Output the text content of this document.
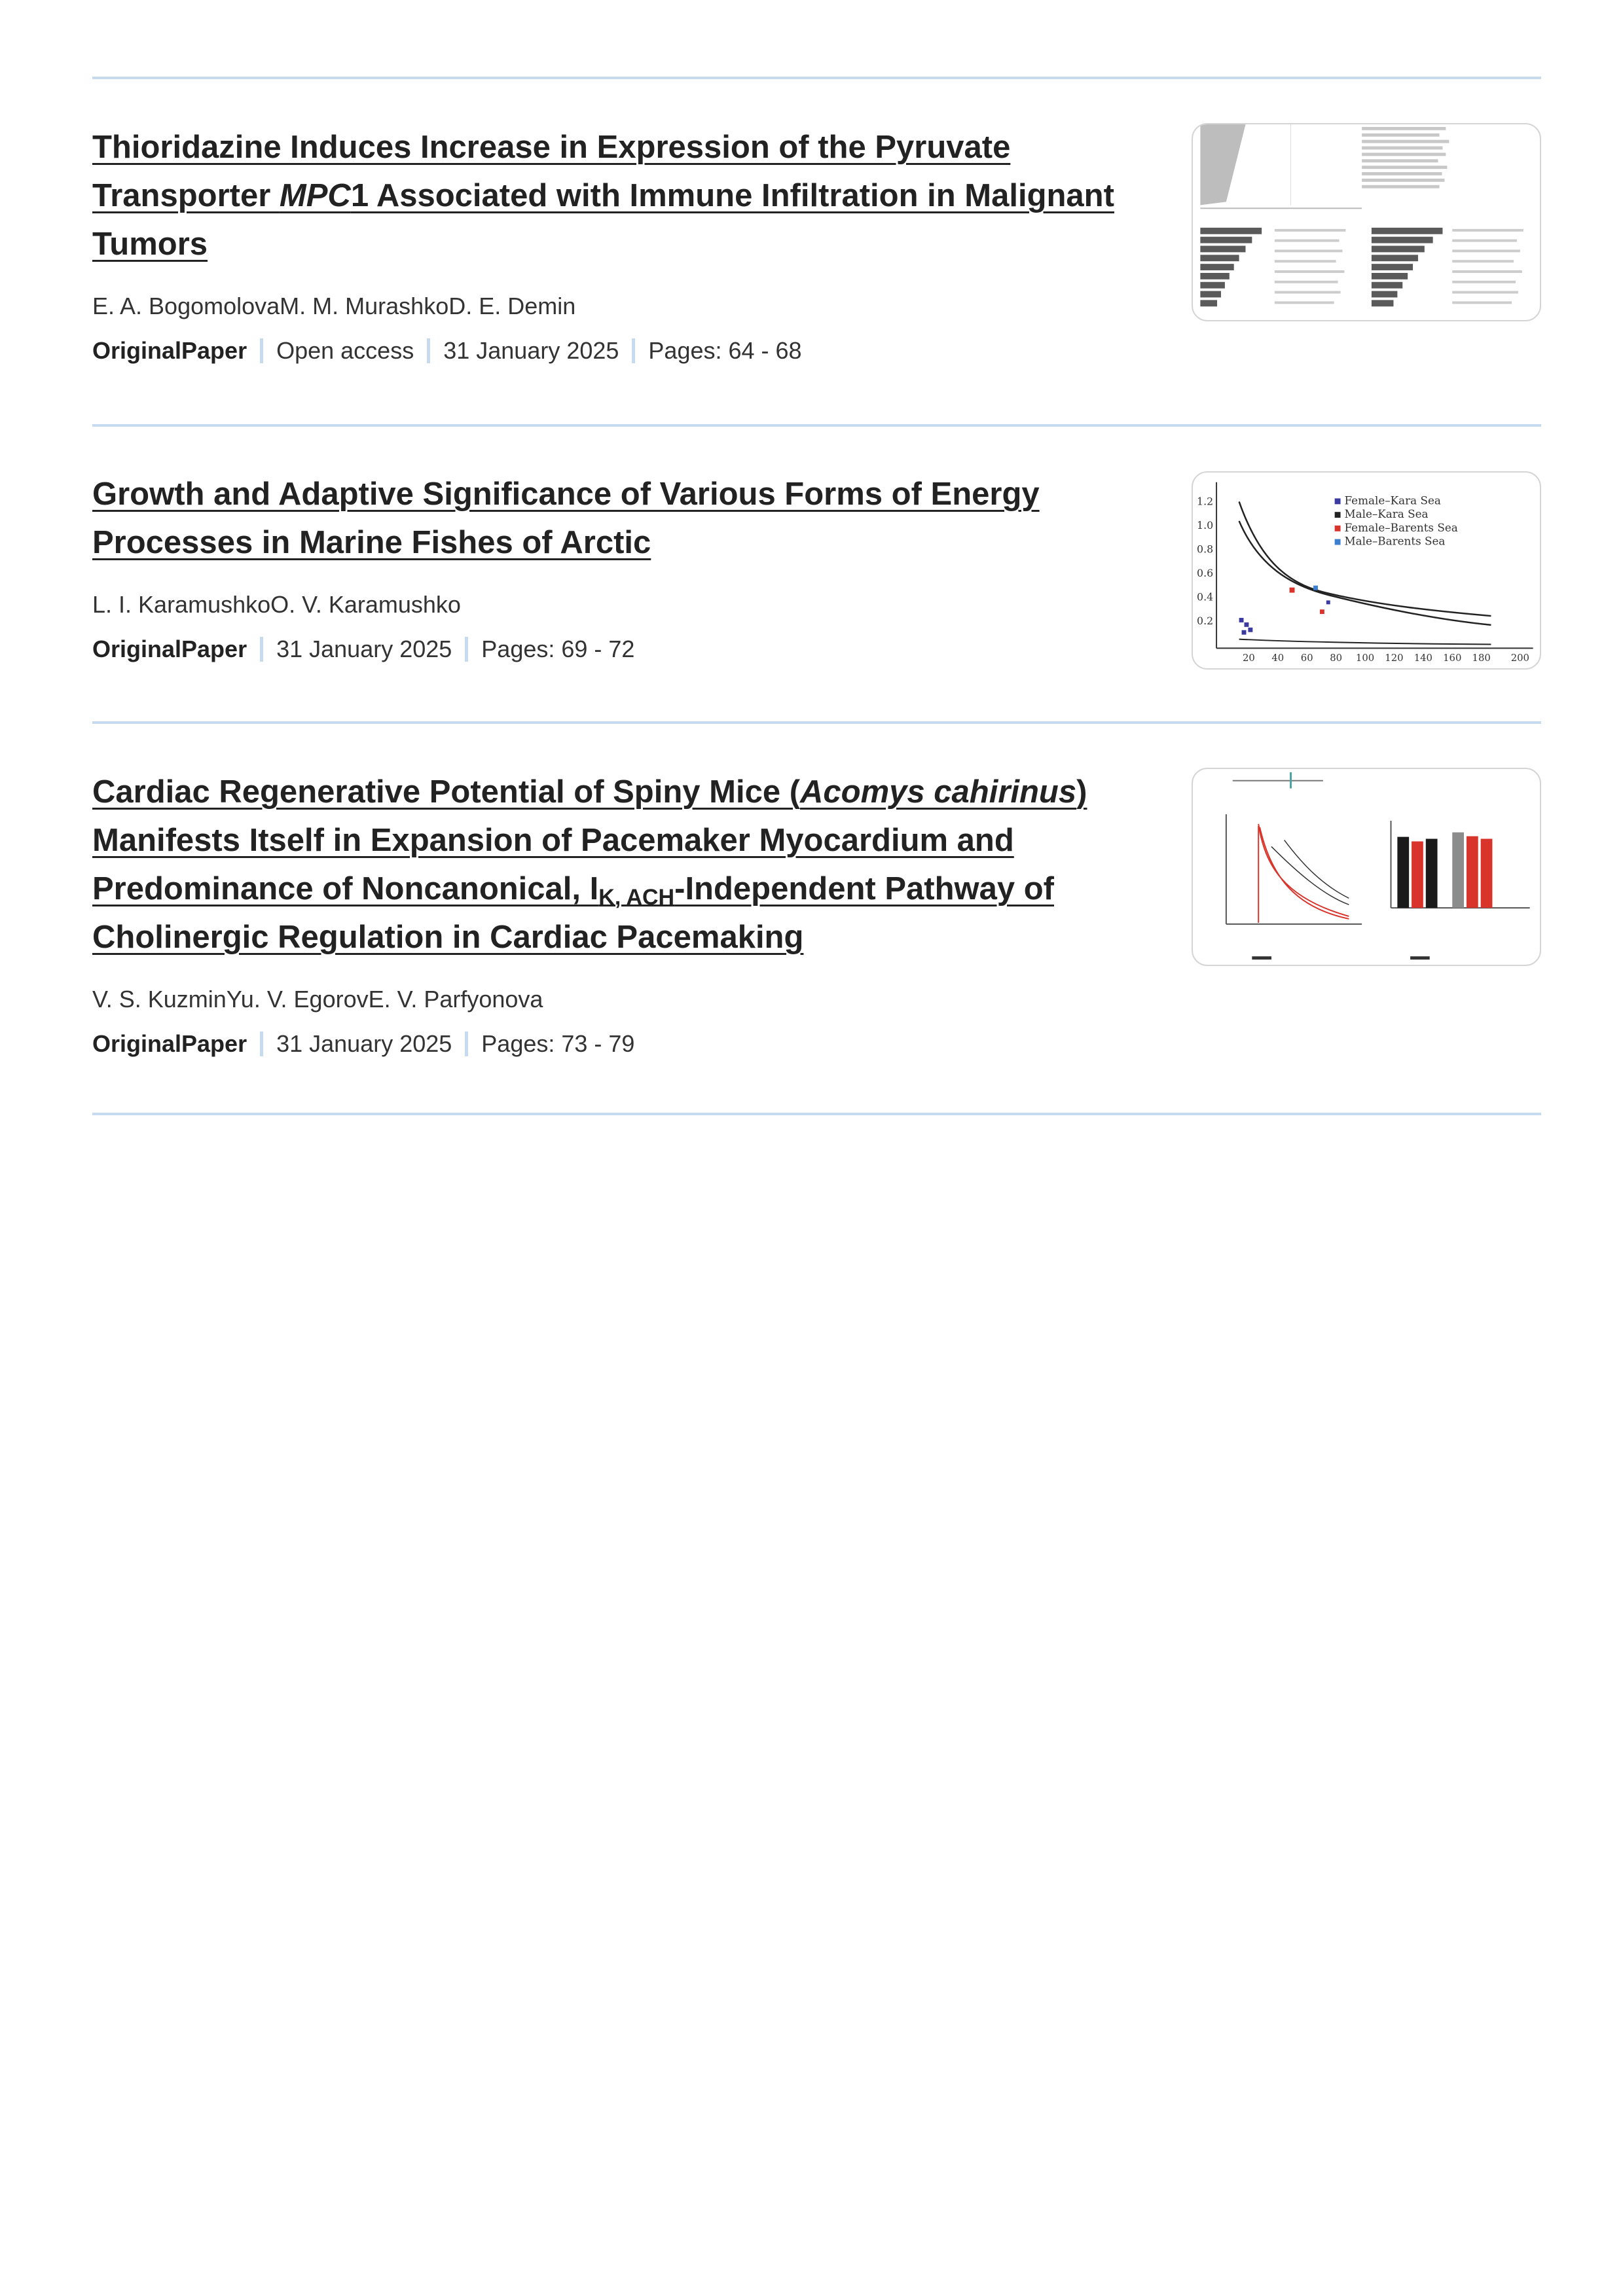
Thioridazine Induces Increase in Expression of the Pyruvate Transporter MPC1 Associated with Immune Infiltration in Malignant Tumors
E. A. BogomolovaM. M. MurashkoD. E. Demin
OriginalPaper Open access 31 January 2025 Pages: 64 - 68
Growth and Adaptive Significance of Various Forms of Energy Processes in Marine Fishes of Arctic
L. I. KaramushkoO. V. Karamushko
OriginalPaper 31 January 2025 Pages: 69 - 72
1.2
1.0
0.8
0.6
0.4
0.2
20 40 60 80 100 120 140 160 180 200
Female–Kara Sea
Male–Kara Sea
Female–Barents Sea
Male–Barents Sea
Cardiac Regenerative Potential of Spiny Mice (Acomys cahirinus) Manifests Itself in Expansion of Pacemaker Myocardium and Predominance of Noncanonical, $I_{K, ACH}$-Independent Pathway of Cholinergic Regulation in Cardiac Pacemaking
V. S. KuzminYu. V. EgorovE. V. Parfyonova
OriginalPaper 31 January 2025 Pages: 73 - 79
